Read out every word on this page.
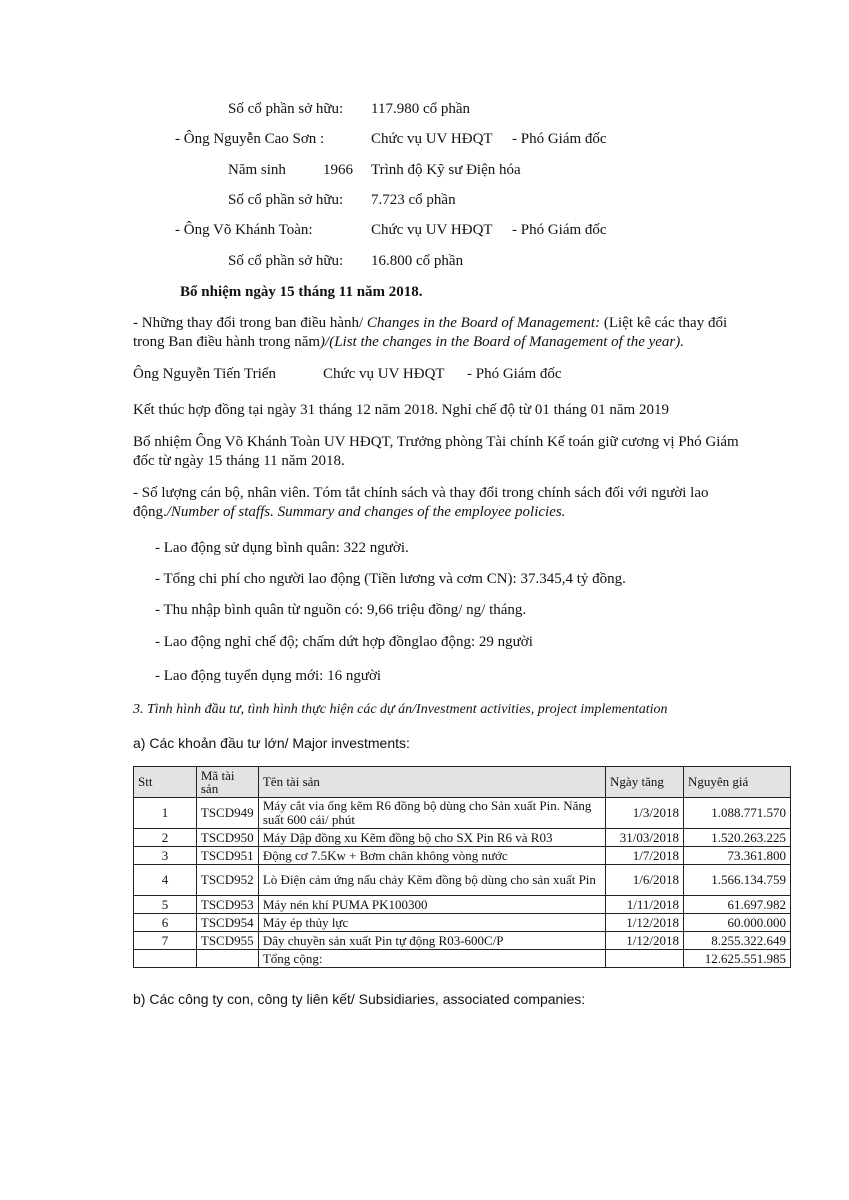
Số cổ phần sở hữu: 117.980 cổ phần
- Ông Nguyễn Cao Sơn :	Chức vụ UV HĐQT - Phó Giám đốc
Năm sinh 1966 Trình độ Kỹ sư Điện hóa
Số cổ phần sở hữu: 7.723 cổ phần
- Ông Võ Khánh Toàn:	Chức vụ UV HĐQT - Phó Giám đốc
Số cổ phần sở hữu: 16.800 cổ phần
Bổ nhiệm ngày 15 tháng 11 năm 2018.
- Những thay đổi trong ban điều hành/ Changes in the Board of Management: (Liệt kê các thay đổi
trong Ban điều hành trong năm)/(List the changes in the Board of Management of the year).
Ông Nguyễn Tiến Triển	Chức vụ UV HĐQT - Phó Giám đốc
Kết thúc hợp đồng tại ngày 31 tháng 12 năm 2018. Nghỉ chế độ từ 01 tháng 01 năm 2019
Bổ nhiệm Ông Võ Khánh Toàn UV HĐQT, Trưởng phòng Tài chính Kế toán giữ cương vị Phó Giám
đốc từ ngày 15 tháng 11 năm 2018.
- Số lượng cán bộ, nhân viên. Tóm tắt chính sách và thay đổi trong chính sách đối với người lao
động./Number of staffs. Summary and changes of the employee policies.
- Lao động sử dụng bình quân: 322 người.
- Tổng chi phí cho người lao động (Tiền lương và cơm CN): 37.345,4 tỷ đồng.
- Thu nhập bình quân từ nguồn có: 9,66 triệu đồng/ ng/ tháng.
- Lao động nghỉ chế độ; chấm dứt hợp đồnglao động: 29 người
- Lao động tuyển dụng mới: 16 người
3. Tình hình đầu tư, tình hình thực hiện các dự án/Investment activities, project implementation
a) Các khoản đầu tư lớn/ Major investments:
Stt	Mã tài sản	Tên tài sản	Ngày tăng	Nguyên giá
1	TSCD949	Máy cắt via ống kẽm R6 đồng bộ dùng cho Sản xuất Pin. Năng suất 600 cái/ phút	1/3/2018	1.088.771.570
2	TSCD950	Máy Dập đồng xu Kẽm đồng bộ cho SX Pin R6 và R03	31/03/2018	1.520.263.225
3	TSCD951	Động cơ 7.5Kw + Bơm chân không vòng nước	1/7/2018	73.361.800
4	TSCD952	Lò Điện cảm ứng nấu chảy Kẽm đồng bộ dùng cho sản xuất Pin	1/6/2018	1.566.134.759
5	TSCD953	Máy nén khí PUMA PK100300	1/11/2018	61.697.982
6	TSCD954	Máy ép thủy lực	1/12/2018	60.000.000
7	TSCD955	Dây chuyền sản xuất Pin tự động R03-600C/P	1/12/2018	8.255.322.649
		Tổng cộng:		12.625.551.985
b) Các công ty con, công ty liên kết/ Subsidiaries, associated companies:
